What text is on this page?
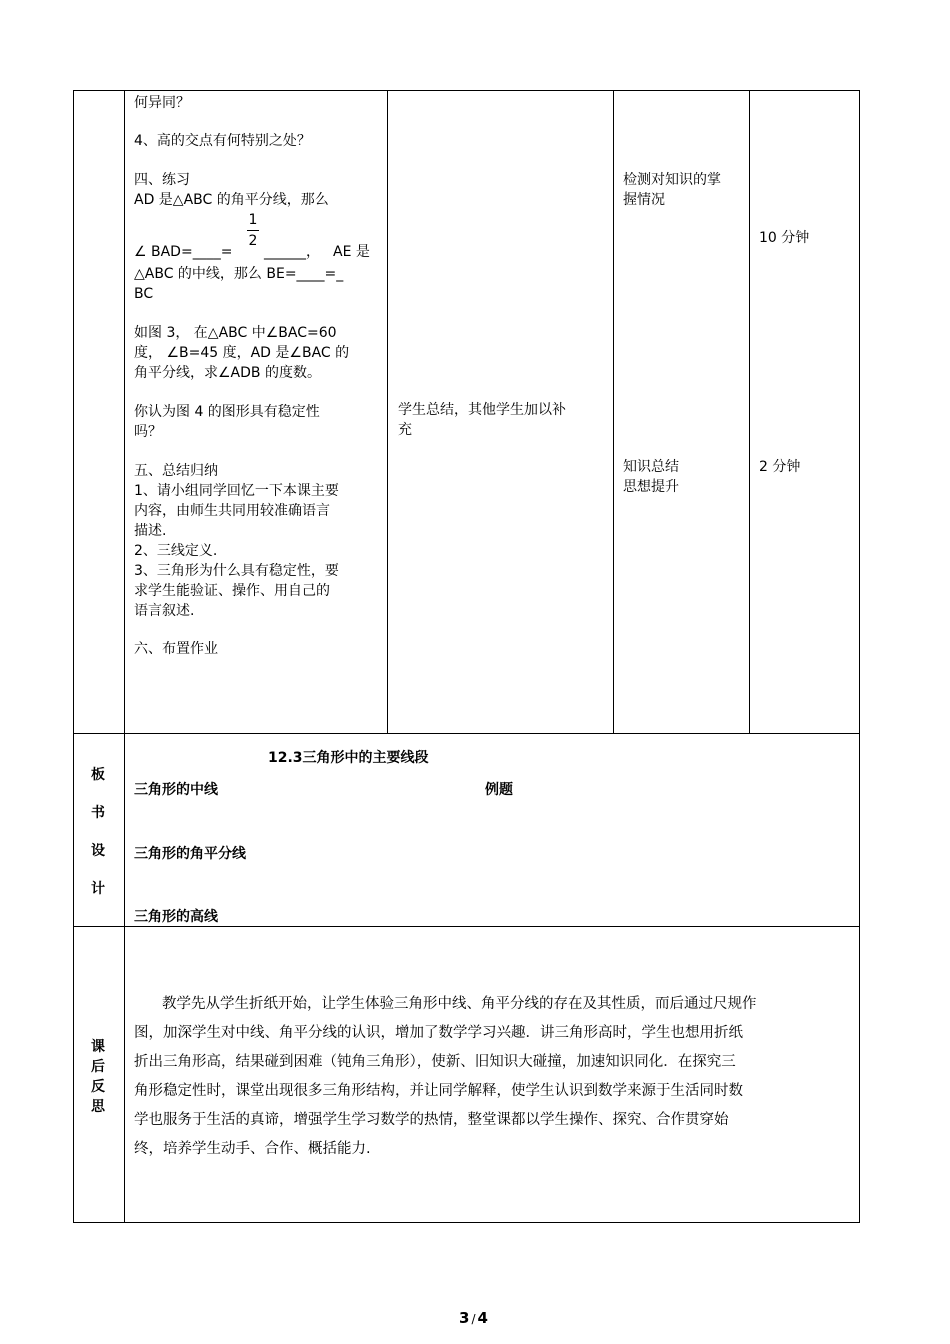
何异同？
4、高的交点有何特别之处？
四、练习
AD 是△ABC 的角平分线，那么
1
2
∠ BAD=____= ______， AE 是
△ABC 的中线，那么 BE=____=_
BC
如图 3， 在△ABC 中∠BAC=60
度， ∠B=45 度，AD 是∠BAC 的
角平分线，求∠ADB 的度数。
你认为图 4 的图形具有稳定性
吗？
五、总结归纳
1、请小组同学回忆一下本课主要
内容，由师生共同用较准确语言
描述.
2、三线定义.
3、三角形为什么具有稳定性，要
求学生能验证、操作、用自己的
语言叙述.
六、布置作业
学生总结，其他学生加以补
充
检测对知识的掌
握情况
知识总结
思想提升
10 分钟
2 分钟
板
书
设
计
12.3三角形中的主要线段
三角形的中线	例题
三角形的角平分线
三角形的高线
课
后
反
思
教学先从学生折纸开始，让学生体验三角形中线、角平分线的存在及其性质，而后通过尺规作
图，加深学生对中线、角平分线的认识，增加了数学学习兴趣．讲三角形高时，学生也想用折纸
折出三角形高，结果碰到困难（钝角三角形），使新、旧知识大碰撞，加速知识同化．在探究三
角形稳定性时，课堂出现很多三角形结构，并让同学解释，使学生认识到数学来源于生活同时数
学也服务于生活的真谛，增强学生学习数学的热情，整堂课都以学生操作、探究、合作贯穿始
终，培养学生动手、合作、概括能力.
3 / 4
